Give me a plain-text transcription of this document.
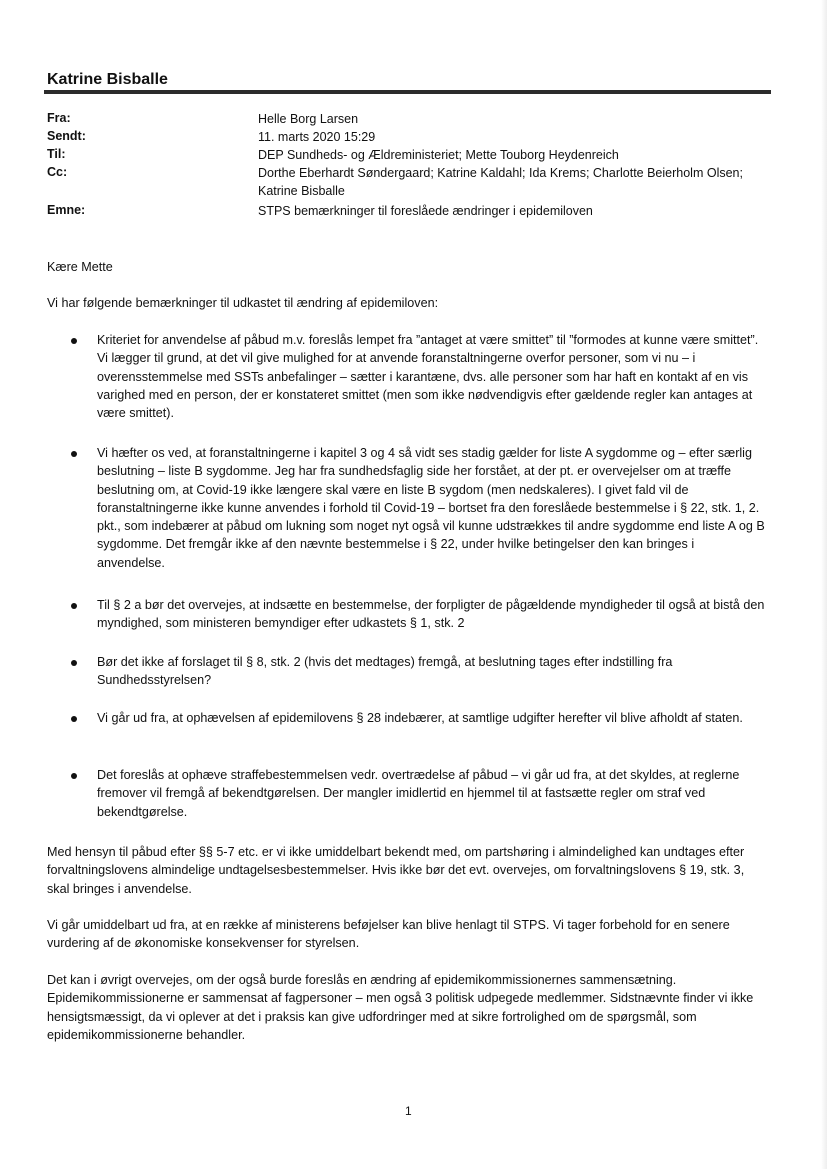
Katrine Bisballe
Fra:	Helle Borg Larsen
Sendt:	11. marts 2020 15:29
Til:	DEP Sundheds- og Ældreministeriet; Mette Touborg Heydenreich
Cc:	Dorthe Eberhardt Søndergaard; Katrine Kaldahl; Ida Krems; Charlotte Beierholm Olsen; Katrine Bisballe
Emne:	STPS bemærkninger til foreslåede ændringer i epidemiloven
Kære Mette
Vi har følgende bemærkninger til udkastet til ændring af epidemiloven:
Kriteriet for anvendelse af påbud m.v. foreslås lempet fra ”antaget at være smittet” til ”formodes at kunne være smittet”. Vi lægger til grund, at det vil give mulighed for at anvende foranstaltningerne overfor personer, som vi nu – i overensstemmelse med SSTs anbefalinger – sætter i karantæne, dvs. alle personer som har haft en kontakt af en vis varighed med en person, der er konstateret smittet (men som ikke nødvendigvis efter gældende regler kan antages at være smittet).
Vi hæfter os ved, at foranstaltningerne i kapitel 3 og 4 så vidt ses stadig gælder for liste A sygdomme og – efter særlig beslutning – liste B sygdomme. Jeg har fra sundhedsfaglig side her forstået, at der pt. er overvejelser om at træffe beslutning om, at Covid-19 ikke længere skal være en liste B sygdom (men nedskaleres). I givet fald vil de foranstaltningerne ikke kunne anvendes i forhold til Covid-19 – bortset fra den foreslåede bestemmelse i § 22, stk. 1, 2. pkt., som indebærer at påbud om lukning som noget nyt også vil kunne udstrækkes til andre sygdomme end liste A og B sygdomme. Det fremgår ikke af den nævnte bestemmelse i § 22, under hvilke betingelser den kan bringes i anvendelse.
Til § 2 a bør det overvejes, at indsætte en bestemmelse, der forpligter de pågældende myndigheder til også at bistå den myndighed, som ministeren bemyndiger efter udkastets § 1, stk. 2
Bør det ikke af forslaget til § 8, stk. 2 (hvis det medtages) fremgå, at beslutning tages efter indstilling fra Sundhedsstyrelsen?
Vi går ud fra, at ophævelsen af epidemilovens § 28 indebærer, at samtlige udgifter herefter vil blive afholdt af staten.
Det foreslås at ophæve straffebestemmelsen vedr. overtrædelse af påbud – vi går ud fra, at det skyldes, at reglerne fremover vil fremgå af bekendtgørelsen. Der mangler imidlertid en hjemmel til at fastsætte regler om straf ved bekendtgørelse.
Med hensyn til påbud efter §§ 5-7 etc. er vi ikke umiddelbart bekendt med, om partshøring i almindelighed kan undtages efter forvaltningslovens almindelige undtagelsesbestemmelser. Hvis ikke bør det evt. overvejes, om forvaltningslovens § 19, stk. 3, skal bringes i anvendelse.
Vi går umiddelbart ud fra, at en række af ministerens beføjelser kan blive henlagt til STPS. Vi tager forbehold for en senere vurdering af de økonomiske konsekvenser for styrelsen.
Det kan i øvrigt overvejes, om der også burde foreslås en ændring af epidemikommissionernes sammensætning. Epidemikommissionerne er sammensat af fagpersoner – men også 3 politisk udpegede medlemmer. Sidstnævnte finder vi ikke hensigtsmæssigt, da vi oplever at det i praksis kan give udfordringer med at sikre fortrolighed om de spørgsmål, som epidemikommissionerne behandler.
1
